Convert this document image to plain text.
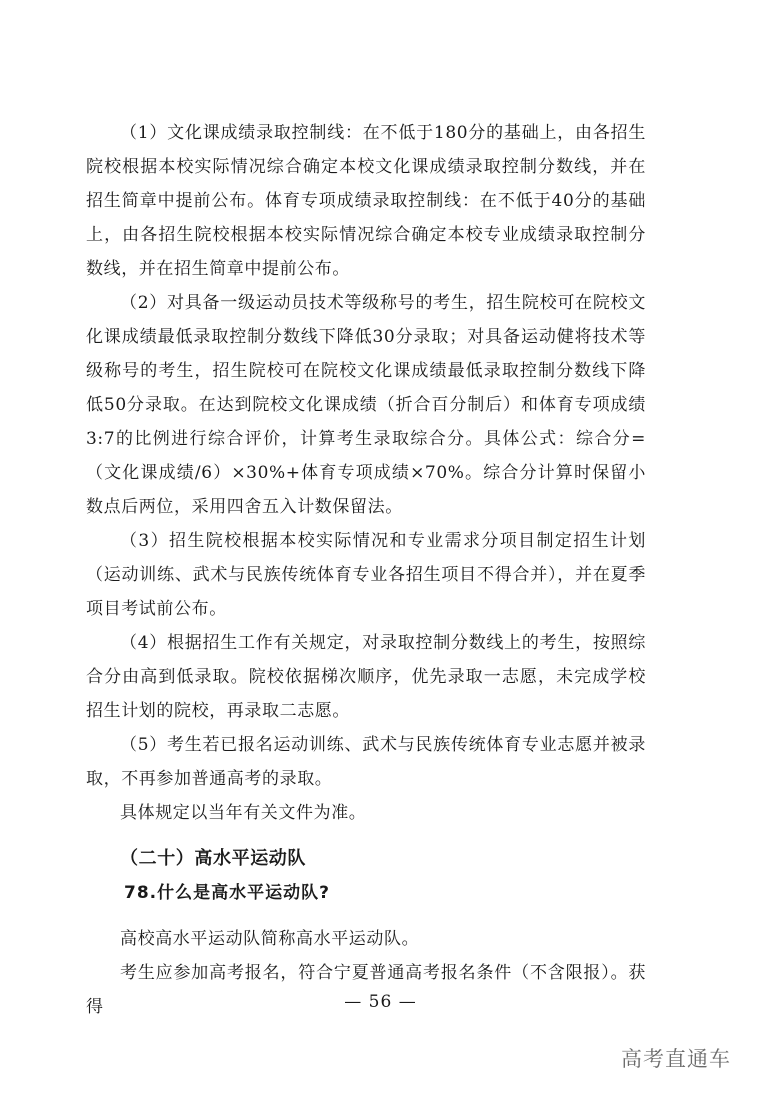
（1）文化课成绩录取控制线：在不低于180分的基础上，由各招生院校根据本校实际情况综合确定本校文化课成绩录取控制分数线，并在招生简章中提前公布。体育专项成绩录取控制线：在不低于40分的基础上，由各招生院校根据本校实际情况综合确定本校专业成绩录取控制分数线，并在招生简章中提前公布。

（2）对具备一级运动员技术等级称号的考生，招生院校可在院校文化课成绩最低录取控制分数线下降低30分录取；对具备运动健将技术等级称号的考生，招生院校可在院校文化课成绩最低录取控制分数线下降低50分录取。在达到院校文化课成绩（折合百分制后）和体育专项成绩3:7的比例进行综合评价，计算考生录取综合分。具体公式：综合分=（文化课成绩/6）×30%+体育专项成绩×70%。综合分计算时保留小数点后两位，采用四舍五入计数保留法。

（3）招生院校根据本校实际情况和专业需求分项目制定招生计划（运动训练、武术与民族传统体育专业各招生项目不得合并），并在夏季项目考试前公布。

（4）根据招生工作有关规定，对录取控制分数线上的考生，按照综合分由高到低录取。院校依据梯次顺序，优先录取一志愿，未完成学校招生计划的院校，再录取二志愿。

（5）考生若已报名运动训练、武术与民族传统体育专业志愿并被录取，不再参加普通高考的录取。

具体规定以当年有关文件为准。

（二十）高水平运动队
78.什么是高水平运动队?

高校高水平运动队简称高水平运动队。

考生应参加高考报名，符合宁夏普通高考报名条件（不含限报）。获得	— 56 —
高考直通车
